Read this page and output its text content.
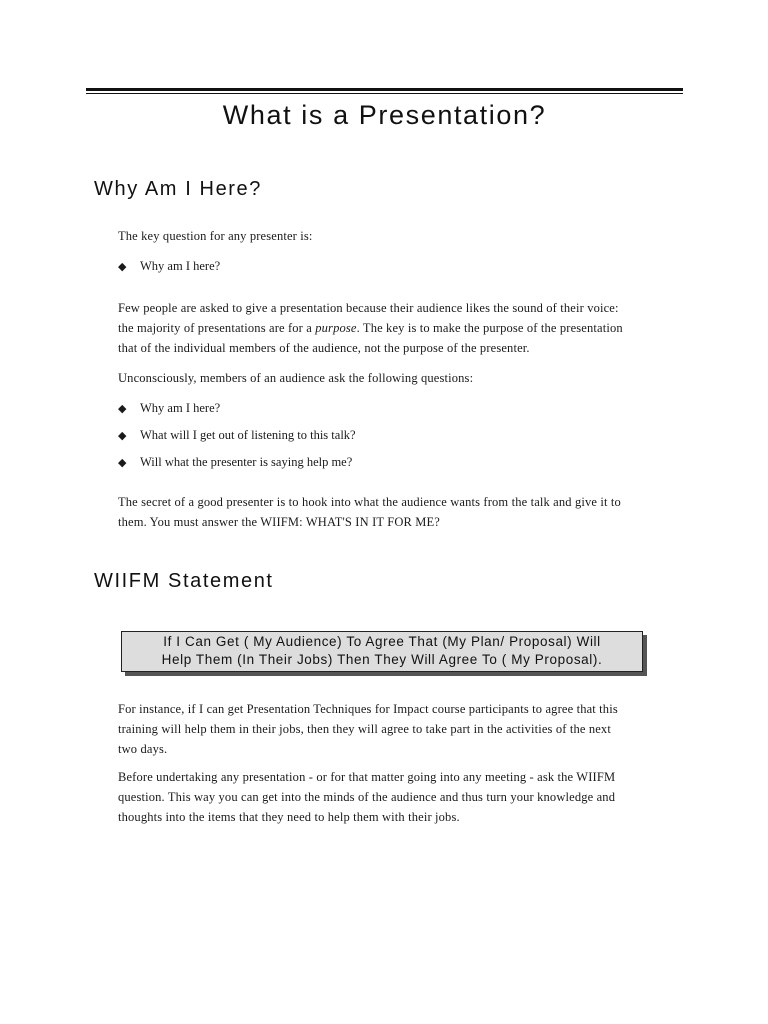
What is a Presentation?
Why Am I Here?

The key question for any presenter is:

◆ Why am I here?

Few people are asked to give a presentation because their audience likes the sound of their voice:
the majority of presentations are for a purpose. The key is to make the purpose of the presentation
that of the individual members of the audience, not the purpose of the presenter.

Unconsciously, members of an audience ask the following questions:

◆ Why am I here?

◆ What will I get out of listening to this talk?

◆ Will what the presenter is saying help me?

The secret of a good presenter is to hook into what the audience wants from the talk and give it to
them. You must answer the WIIFM: WHAT'S IN IT FOR ME?

WIIFM Statement
If I Can Get ( My Audience) To Agree That (My Plan/ Proposal) Will
Help Them (In Their Jobs) Then They Will Agree To ( My Proposal).

For instance, if I can get Presentation Techniques for Impact course participants to agree that this
training will help them in their jobs, then they will agree to take part in the activities of the next
two days.

Before undertaking any presentation - or for that matter going into any meeting - ask the WIIFM
question. This way you can get into the minds of the audience and thus turn your knowledge and
thoughts into the items that they need to help them with their jobs.
